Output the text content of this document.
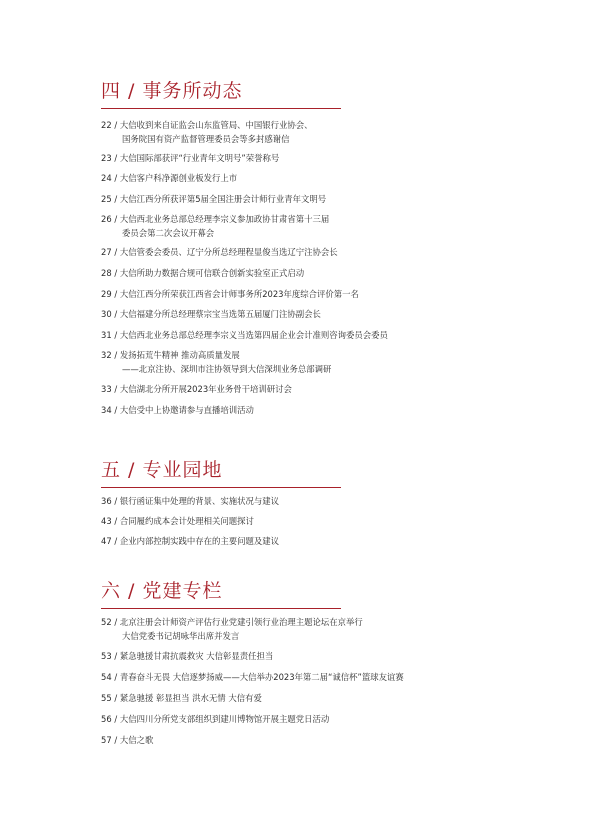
四 / 事务所动态
22 / 大信收到来自证监会山东监管局、中国银行业协会、
国务院国有资产监督管理委员会等多封感谢信
23 / 大信国际部获评“行业青年文明号”荣誉称号
24 / 大信客户科净源创业板发行上市
25 / 大信江西分所获评第5届全国注册会计师行业青年文明号
26 / 大信西北业务总部总经理李宗义参加政协甘肃省第十三届
委员会第二次会议开幕会
27 / 大信管委会委员、辽宁分所总经理程显俊当选辽宁注协会长
28 / 大信所助力数据合规可信联合创新实验室正式启动
29 / 大信江西分所荣获江西省会计师事务所2023年度综合评价第一名
30 / 大信福建分所总经理蔡宗宝当选第五届厦门注协副会长
31 / 大信西北业务总部总经理李宗义当选第四届企业会计准则咨询委员会委员
32 / 发扬拓荒牛精神 推动高质量发展
——北京注协、深圳市注协领导到大信深圳业务总部调研
33 / 大信湖北分所开展2023年业务骨干培训研讨会
34 / 大信受中上协邀请参与直播培训活动
五 / 专业园地
36 / 银行函证集中处理的背景、实施状况与建议
43 / 合同履约成本会计处理相关问题探讨
47 / 企业内部控制实践中存在的主要问题及建议
六 / 党建专栏
52 / 北京注册会计师资产评估行业党建引领行业治理主题论坛在京举行
大信党委书记胡咏华出席并发言
53 / 紧急驰援甘肃抗震救灾 大信彰显责任担当
54 / 青春奋斗无畏 大信逐梦扬威——大信举办2023年第二届“诚信杯”篮球友谊赛
55 / 紧急驰援 彰显担当 洪水无情 大信有爱
56 / 大信四川分所党支部组织到建川博物馆开展主题党日活动
57 / 大信之歌
